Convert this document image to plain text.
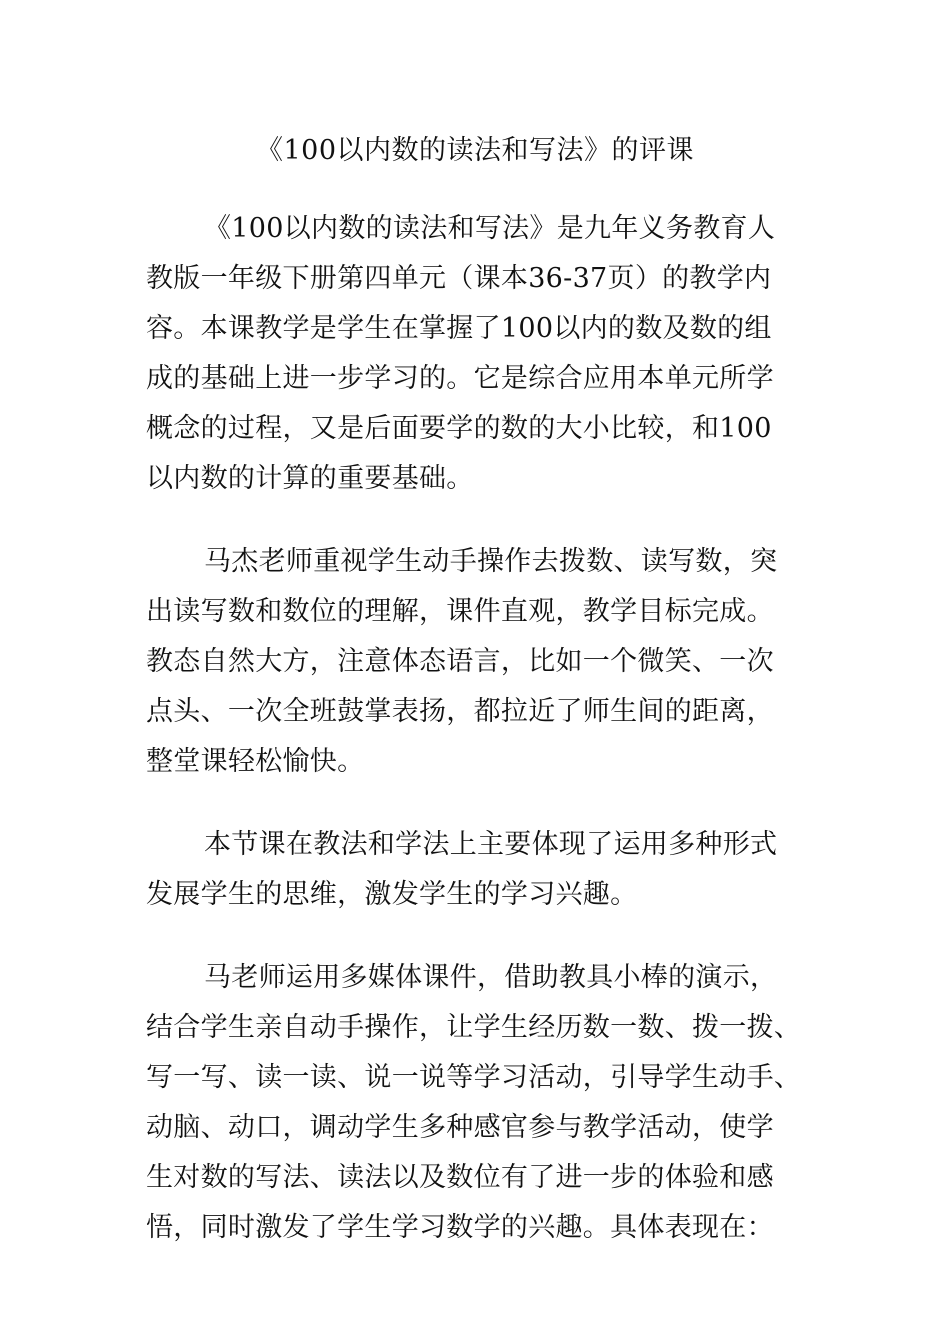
《100以内数的读法和写法》的评课

《100以内数的读法和写法》是九年义务教育人
教版一年级下册第四单元（课本36-37页）的教学内
容。本课教学是学生在掌握了100以内的数及数的组
成的基础上进一步学习的。它是综合应用本单元所学
概念的过程，又是后面要学的数的大小比较，和100
以内数的计算的重要基础。

马杰老师重视学生动手操作去拨数、读写数，突
出读写数和数位的理解，课件直观，教学目标完成。
教态自然大方，注意体态语言，比如一个微笑、一次
点头、一次全班鼓掌表扬，都拉近了师生间的距离，
整堂课轻松愉快。

本节课在教法和学法上主要体现了运用多种形式
发展学生的思维，激发学生的学习兴趣。

马老师运用多媒体课件，借助教具小棒的演示，
结合学生亲自动手操作，让学生经历数一数、拨一拨、
写一写、读一读、说一说等学习活动，引导学生动手、
动脑、动口，调动学生多种感官参与教学活动，使学
生对数的写法、读法以及数位有了进一步的体验和感
悟，同时激发了学生学习数学的兴趣。具体表现在：
